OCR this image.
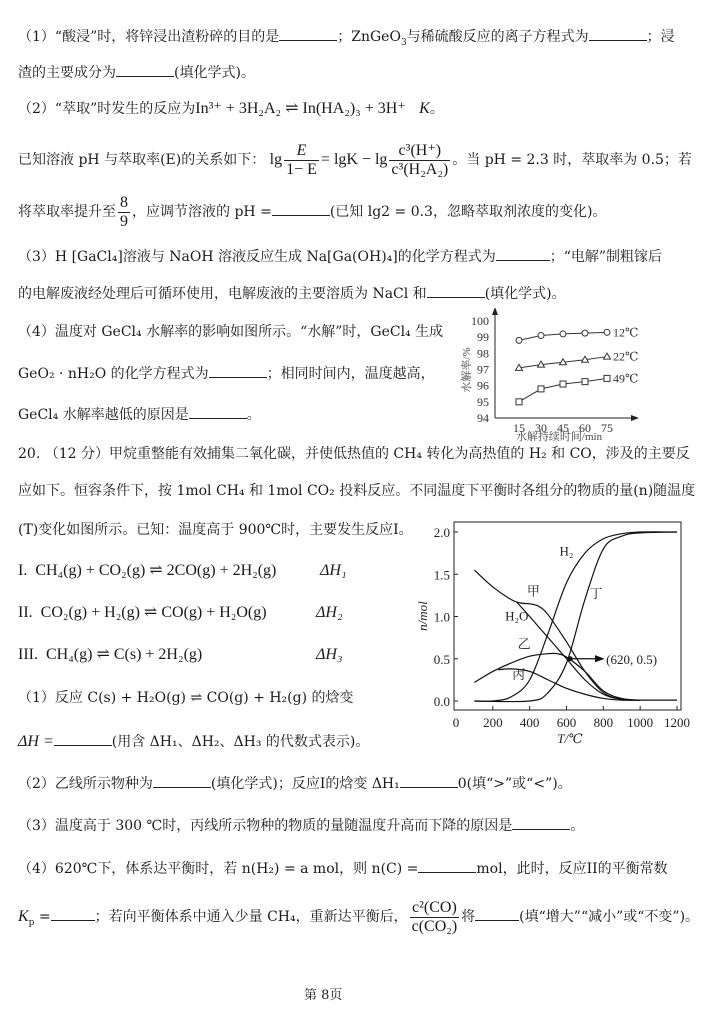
（1）“酸浸”时，将锌浸出渣粉碎的目的是	；ZnGeO$_3$与稀硫酸反应的离子方程式为	；浸
渣的主要成分为	(填化学式)。
（2）“萃取”时发生的反应为In³⁺ + 3H₂A₂ ⇌ In(HA₂)₃ + 3H⁺ K。
已知溶液 pH 与萃取率(E)的关系如下： $\lg \frac{E}{1- E} = \lg K - \lg \frac{\text{c³(H⁺)}}{\text{c³(H₂A₂)}}$ 。当 pH = 2.3 时，萃取率为 0.5；若
将萃取率提升至 $\frac{8}{9}$ ，应调节溶液的 pH =	(已知 lg2 = 0.3，忽略萃取剂浓度的变化)。
（3）H [GaCl₄]溶液与 NaOH 溶液反应生成 Na[Ga(OH)₄]的化学方程式为	；“电解”制粗镓后
的电解废液经处理后可循环使用，电解废液的主要溶质为 NaCl 和	(填化学式)。
（4）温度对 GeCl₄ 水解率的影响如图所示。“水解”时，GeCl₄ 生成
GeO₂ · nH₂O 的化学方程式为	；相同时间内，温度越高，
GeCl₄ 水解率越低的原因是	。	94
95
96
97
98
99
100
15 30 45 60 75
12℃
22℃
49℃
水解率/%
水解持续时间/min
20. （12 分）甲烷重整能有效捕集二氧化碳，并使低热值的 CH₄ 转化为高热值的 H₂ 和 CO，涉及的主要反
应如下。恒容条件下，按 1mol CH₄ 和 1mol CO₂ 投料反应。不同温度下平衡时各组分的物质的量(n)随温度
(T)变化如图所示。已知：温度高于 900℃时，主要发生反应I。
I. CH₄(g) + CO₂(g) ⇌ 2CO(g) + 2H₂(g)	ΔH₁
II. CO₂(g) + H₂(g) ⇌ CO(g) + H₂O(g)	ΔH₂
III. CH₄(g) ⇌ C(s) + 2H₂(g)	ΔH₃
（1）反应 C(s) + H₂O(g) ⇌ CO(g) + H₂(g) 的焓变
ΔH =	(用含 ΔH₁、ΔH₂、ΔH₃ 的代数式表示)。
（2）乙线所示物种为	(填化学式)；反应I的焓变 ΔH₁	0(填“>”或“<”)。
（3）温度高于 300 ℃时，丙线所示物种的物质的量随温度升高而下降的原因是	。
（4）620℃下，体系达平衡时，若 n(H₂) = a mol，则 n(C) =	mol，此时，反应II的平衡常数
$K_p$ =	；若向平衡体系中通入少量 CH₄，重新达平衡后， $\frac{\text{c²(CO)}}{\text{c(CO₂)}}$ 将	(填“增大”“减小”或“不变”)。
0.0
0.5
1.0
1.5
2.0
0 200 400 600 800 1000 1200
甲
H₂O
乙
丙
H₂
丁
(620, 0.5)
n/mol
T/℃
第 8页
